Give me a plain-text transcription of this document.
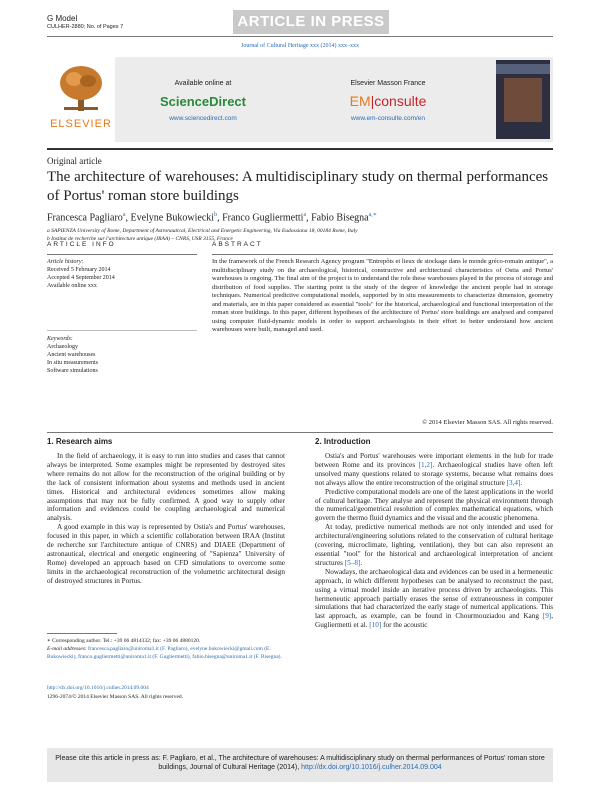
G Model
CULHER-2880; No. of Pages 7	ARTICLE IN PRESS
Journal of Cultural Heritage xxx (2014) xxx–xxx
ELSEVIER
Available online at
ScienceDirect
www.sciencedirect.com
Elsevier Masson France
EM|consulte
www.em-consulte.com/en
Original article
The architecture of warehouses: A multidisciplinary study on thermal performances of Portus' roman store buildings
Francesca Pagliaro$^a$, Evelyne Bukowiecki$^b$, Franco Gugliermetti$^a$, Fabio Bisegna$^{a,∗}$
a SAPIENZA University of Rome, Department of Astronautical, Electrical and Energetic Engineering, Via Eudossiana 18, 00184 Rome, Italy
b Institut de recherche sur l'architecture antique (IRAA) – CNRS, USR 3155, France
ARTICLE INFO	ABSTRACT
Article history:
Received 5 February 2014
Accepted 4 September 2014
Available online xxx
Keywords:
Archaeology
Ancient warehouses
In situ measurements
Software simulations
In the framework of the French Research Agency program "Entrepôts et lieux de stockage dans le monde gréco-romain antique", a multidisciplinary study on the archaeological, historical, constructive and architectural characteristics of Ostia and Portus' warehouses is ongoing. The final aim of the project is to understand the role these warehouses played in the process of storage and distribution of food supplies. The starting point is the study of the degree of knowledge the ancient people had in storage techniques. Numerical predictive computational models, supported by in situ measurements to characterize dimension, geometry and materials, are in this paper considered as essential "tools" for the historical, archaeological and functional interpretation of the roman store buildings. In this paper, different hypotheses of the architecture of Portus' store buildings are analysed and compared using computer fluid-dynamic models in order to support archaeologists in their effort to better understand how ancient warehouses were built, managed and used.
© 2014 Elsevier Masson SAS. All rights reserved.
1. Research aims	2. Introduction

In the field of archaeology, it is easy to run into studies and cases that cannot always be interpreted. Some examples might be represented by destroyed sites where remains do not allow for the reconstruction of the original building or by the lack of consistent information about systems and methods used in ancient times. Historical and architectural evidences sometimes allow making assumptions that may not be fully confirmed. A good way to supply other information and evidences could be coupling archaeological and numerical analysis.

A good example in this way is represented by Ostia's and Portus' warehouses, focused in this paper, in which a scientific collaboration between IRAA (Institut de recherche sur l'architecture antique of CNRS) and DIAEE (Department of astronautical, electrical and energetic engineering of "Sapienza" University of Rome) developed an approach based on CFD simulations to overcome some limits in the archaeological reconstruction of the volumetric architectural design of destroyed structures in Portus.

Ostia's and Portus' warehouses were important elements in the hub for trade between Rome and its provinces [1,2]. Archaeological studies have often left unsolved many questions related to storage systems, because what remains does not always allow the entire reconstruction of the original structure [3,4].

Predictive computational models are one of the latest applications in the world of cultural heritage. They analyse and represent the physical environment through the numerical/geometrical resolution of complex mathematical equations, which govern the thermo fluid dynamics and the visual and the acoustic phenomena.

At today, predictive numerical methods are not only intended and used for architectural/engineering solutions related to the conservation of cultural heritage (covering, microclimate, lighting, ventilation), they but can also represent an essential "tool" for the historical and archaeological interpretation of ancient structures [5–8].

Nowadays, the archaeological data and evidences can be used in a hermeneutic approach, in which different hypotheses can be analysed to reconstruct the past, using a virtual model inside an iterative process driven by archaeologists. This hermeneutic approach partially erases the sense of extraneousness in computer simulations that had characterized the early stage of numerical applications. This last approach, as example, can be found in Chourmouziadou and Kang [9], Gugliermetti et al. [10] for the acoustic

∗ Corresponding author. Tel.: +39 06 4814332; fax: +39 06 4880120.
E-mail addresses: francesca.pagliaro@uniroma1.it (F. Pagliaro), evelyne.bukowiecki@gmail.com (E. Bukowiecki), franco.gugliermetti@uniroma1.it (F. Gugliermetti), fabio.bisegna@uniroma1.it (F. Bisegna).
http://dx.doi.org/10.1016/j.culher.2014.09.004
1296-2074/© 2014 Elsevier Masson SAS. All rights reserved.
Please cite this article in press as: F. Pagliaro, et al., The architecture of warehouses: A multidisciplinary study on thermal performances of Portus' roman store buildings, Journal of Cultural Heritage (2014), http://dx.doi.org/10.1016/j.culher.2014.09.004
